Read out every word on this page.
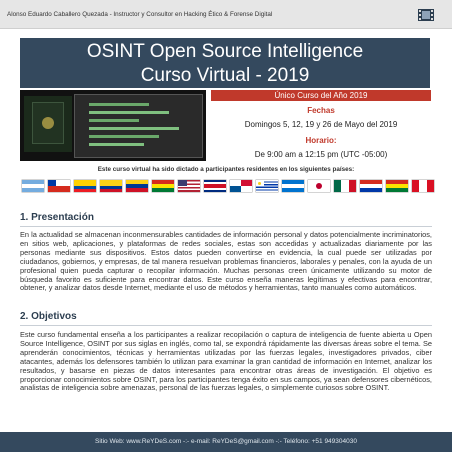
Alonso Eduardo Caballero Quezada - Instructor y Consultor en Hacking Ético & Forense Digital
OSINT Open Source Intelligence
Curso Virtual - 2019
Único Curso del Año 2019
Fechas
Domingos 5, 12, 19 y 26 de Mayo del 2019
Horario:
De 9:00 am a 12:15 pm (UTC -05:00)
Este curso virtual ha sido dictado a participantes residentes en los siguientes países:
1. Presentación

En la actualidad se almacenan inconmensurables cantidades de información personal y datos potencialmente incriminatorios, en sitios web, aplicaciones, y plataformas de redes sociales, estas son accedidas y actualizadas diariamente por las personas mediante sus dispositivos. Estos datos pueden convertirse en evidencia, la cual puede ser utilizadas por ciudadanos, gobiernos, y empresas, de tal manera resuelvan problemas financieros, laborales y penales, con la ayuda de un profesional quien pueda capturar o recopilar información. Muchas personas creen únicamente utilizando su motor de búsqueda favorito es suficiente para encontrar datos. Este curso enseña maneras legítimas y efectivas para encontrar, obtener, y analizar datos desde Internet, mediante el uso de métodos y herramientas, tanto manuales como automáticos.

2. Objetivos

Este curso fundamental enseña a los participantes a realizar recopilación o captura de inteligencia de fuente abierta u Open Source Intelligence, OSINT por sus siglas en inglés, como tal, se expondrá rápidamente las diversas áreas sobre el tema. Se aprenderán conocimientos, técnicas y herramientas utilizadas por las fuerzas legales, investigadores privados, ciber atacantes, además los defensores también lo utilizan para examinar la gran cantidad de información en Internet, analizar los resultados, y basarse en piezas de datos interesantes para encontrar otras áreas de investigación. El objetivo es proporcionar conocimientos sobre OSINT, para los participantes tenga éxito en sus campos, ya sean defensores cibernéticos, analistas de inteligencia sobre amenazas, personal de las fuerzas legales, o simplemente curiosos sobre OSINT.

Sitio Web: www.ReYDeS.com -:- e-mail: ReYDeS@gmail.com -:- Teléfono: +51 949304030
